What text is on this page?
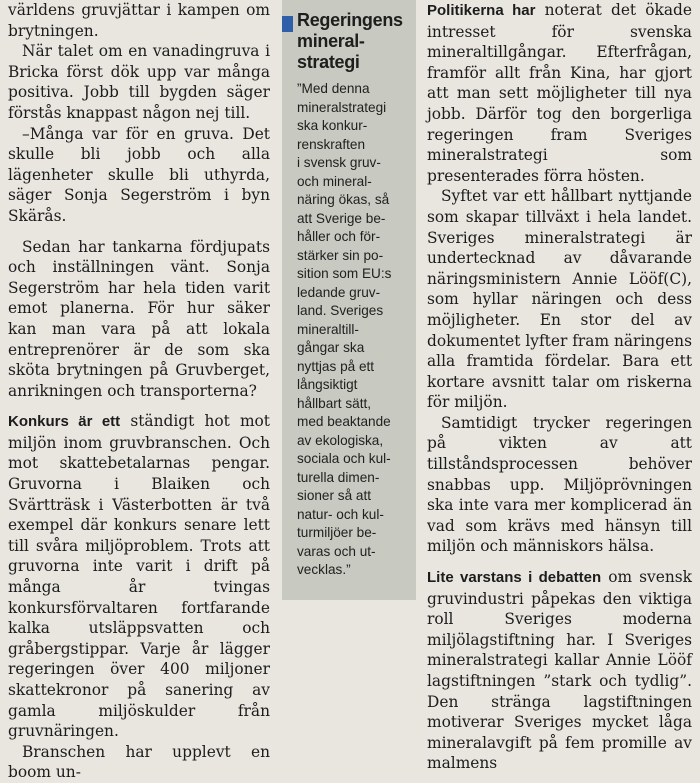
världens gruvjättar i kampen om brytningen.

När talet om en vanadingruva i Bricka först dök upp var många positiva. Jobb till bygden säger förstås knappast någon nej till.

–Många var för en gruva. Det skulle bli jobb och alla lägenheter skulle bli uthyrda, säger Sonja Segerström i byn Skärås.

Sedan har tankarna fördjupats och inställningen vänt. Sonja Segerström har hela tiden varit emot planerna. För hur säker kan man vara på att lokala entreprenörer är de som ska sköta brytningen på Gruvberget, anrikningen och transporterna?

Konkurs är ett ständigt hot mot miljön inom gruvbranschen. Och mot skattebetalarnas pengar. Gruvorna i Blaiken och Svärtträsk i Västerbotten är två exempel där konkurs senare lett till svåra miljöproblem. Trots att gruvorna inte varit i drift på många år tvingas konkursförvaltaren fortfarande kalka utsläppsvatten och gråbergstippar. Varje år lägger regeringen över 400 miljoner skattekronor på sanering av gamla miljöskulder från gruvnäringen.

Branschen har upplevt en boom un-

Regeringens mineral-strategi
”Med denna
mineralstrategi
ska konkur-
renskraften
i svensk gruv-
och mineral-
näring ökas, så
att Sverige be-
håller och för-
stärker sin po-
sition som EU:s
ledande gruv-
land. Sveriges
mineraltill-
gångar ska
nyttjas på ett
långsiktigt
hållbart sätt,
med beaktande
av ekologiska,
sociala och kul-
turella dimen-
sioner så att
natur- och kul-
turmiljöer be-
varas och ut-
vecklas.”

Politikerna har noterat det ökade intresset för svenska mineraltillgångar. Efterfrågan, framför allt från Kina, har gjort att man sett möjligheter till nya jobb. Därför tog den borgerliga regeringen fram Sveriges mineralstrategi som presenterades förra hösten.

Syftet var ett hållbart nyttjande som skapar tillväxt i hela landet. Sveriges mineralstrategi är undertecknad av dåvarande näringsministern Annie Lööf(C), som hyllar näringen och dess möjligheter. En stor del av dokumentet lyfter fram näringens alla framtida fördelar. Bara ett kortare avsnitt talar om riskerna för miljön.

Samtidigt trycker regeringen på vikten av att tillståndsprocessen behöver snabbas upp. Miljöprövningen ska inte vara mer komplicerad än vad som krävs med hänsyn till miljön och människors hälsa.

Lite varstans i debatten om svensk gruvindustri påpekas den viktiga roll Sveriges moderna miljölagstiftning har. I Sveriges mineralstrategi kallar Annie Lööf lagstiftningen ”stark och tydlig”. Den stränga lagstiftningen motiverar Sveriges mycket låga mineralavgift på fem promille av malmens
